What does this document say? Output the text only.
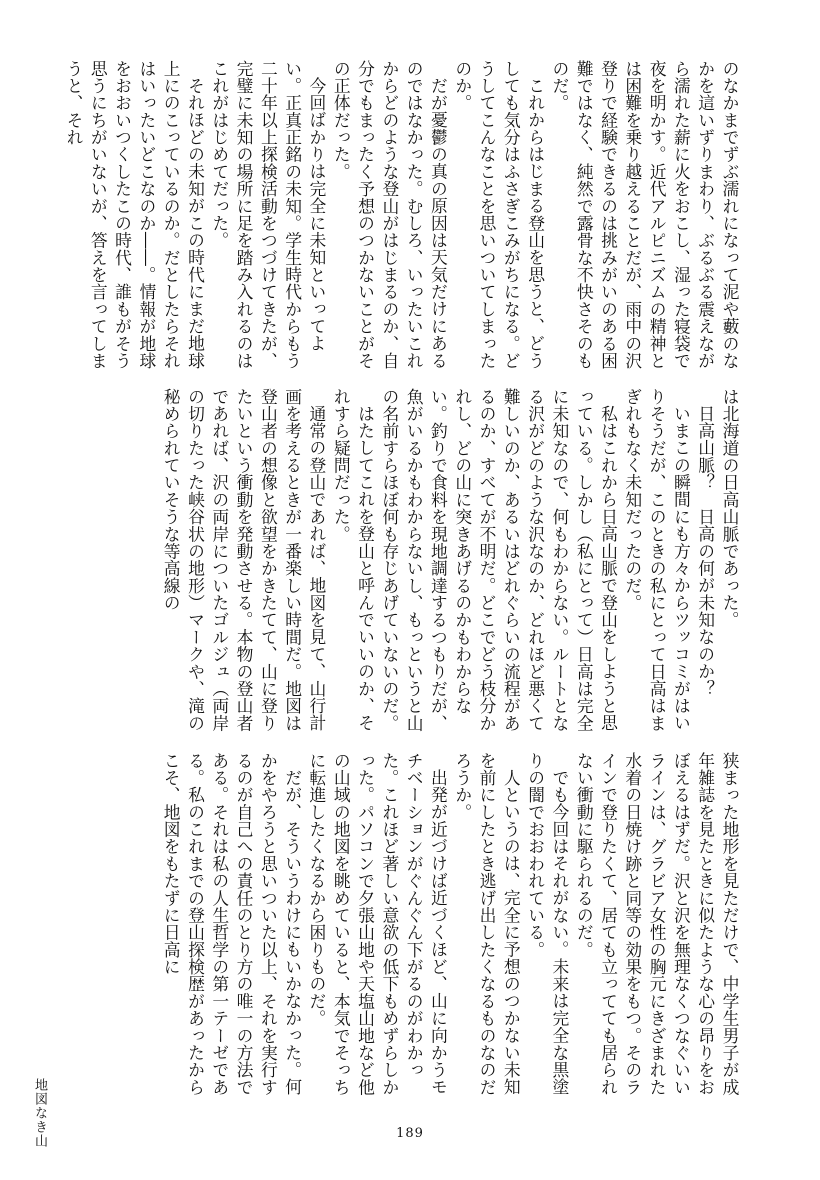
のなかまでずぶ濡れになって泥や藪のなかを這いずりまわり、ぶるぶる震えながら濡れた薪に火をおこし、湿った寝袋で夜を明かす。近代アルピニズムの精神とは困難を乗り越えることだが、雨中の沢登りで経験できるのは挑みがいのある困難ではなく、純然で露骨な不快さそのものだ。

これからはじまる登山を思うと、どうしても気分はふさぎこみがちになる。どうしてこんなことを思いついてしまったのか。

だが憂鬱の真の原因は天気だけにあるのではなかった。むしろ、いったいこれからどのような登山がはじまるのか、自分でもまったく予想のつかないことがその正体だった。

今回ばかりは完全に未知といってよい。正真正銘の未知。学生時代からもう二十年以上探検活動をつづけてきたが、完璧に未知の場所に足を踏み入れるのはこれがはじめてだった。

それほどの未知がこの時代にまだ地球上にのこっているのか。だとしたらそれはいったいどこなのか――。情報が地球をおおいつくしたこの時代、誰もがそう思うにちがいないが、答えを言ってしまうと、それ

は北海道の日高山脈であった。

日高山脈？　日高の何が未知なのか？

いまこの瞬間にも方々からツッコミがはいりそうだが、このときの私にとって日高はまぎれもなく未知だったのだ。

私はこれから日高山脈で登山をしようと思っている。しかし（私にとって）日高は完全に未知なので、何もわからない。ルートとなる沢がどのような沢なのか、どれほど悪くて難しいのか、あるいはどれぐらいの流程があるのか、すべてが不明だ。どこでどう枝分かれし、どの山に突きあげるのかもわからない。釣りで食料を現地調達するつもりだが、魚がいるかもわからないし、もっというと山の名前すらほぼ何も存じあげていないのだ。

はたしてこれを登山と呼んでいいのか、それすら疑問だった。

通常の登山であれば、地図を見て、山行計画を考えるときが一番楽しい時間だ。地図は登山者の想像と欲望をかきたてて、山に登りたいという衝動を発動させる。本物の登山者であれば、沢の両岸についたゴルジュ（両岸の切りたった峡谷状の地形）マークや、滝の秘められていそうな等高線の

狭まった地形を見ただけで、中学生男子が成年雑誌を見たときに似たような心の昂りをおぼえるはずだ。沢と沢を無理なくつなぐいいラインは、グラビア女性の胸元にきざまれた水着の日焼け跡と同等の効果をもつ。そのラインで登りたくて、居ても立ってても居られない衝動に駆られるのだ。

でも今回はそれがない。未来は完全な黒塗りの闇でおおわれている。

人というのは、完全に予想のつかない未知を前にしたとき逃げ出したくなるものなのだろうか。

出発が近づけば近づくほど、山に向かうモチベーションがぐんぐん下がるのがわかった。これほど著しい意欲の低下もめずらしかった。パソコンで夕張山地や天塩山地など他の山域の地図を眺めていると、本気でそっちに転進したくなるから困りものだ。

だが、そういうわけにもいかなかった。何かをやろうと思いついた以上、それを実行するのが自己への責任のとり方の唯一の方法である。それは私の人生哲学の第一テーゼである。私のこれまでの登山探検歴があったからこそ、地図をもたずに日高に

地図なき山	189
